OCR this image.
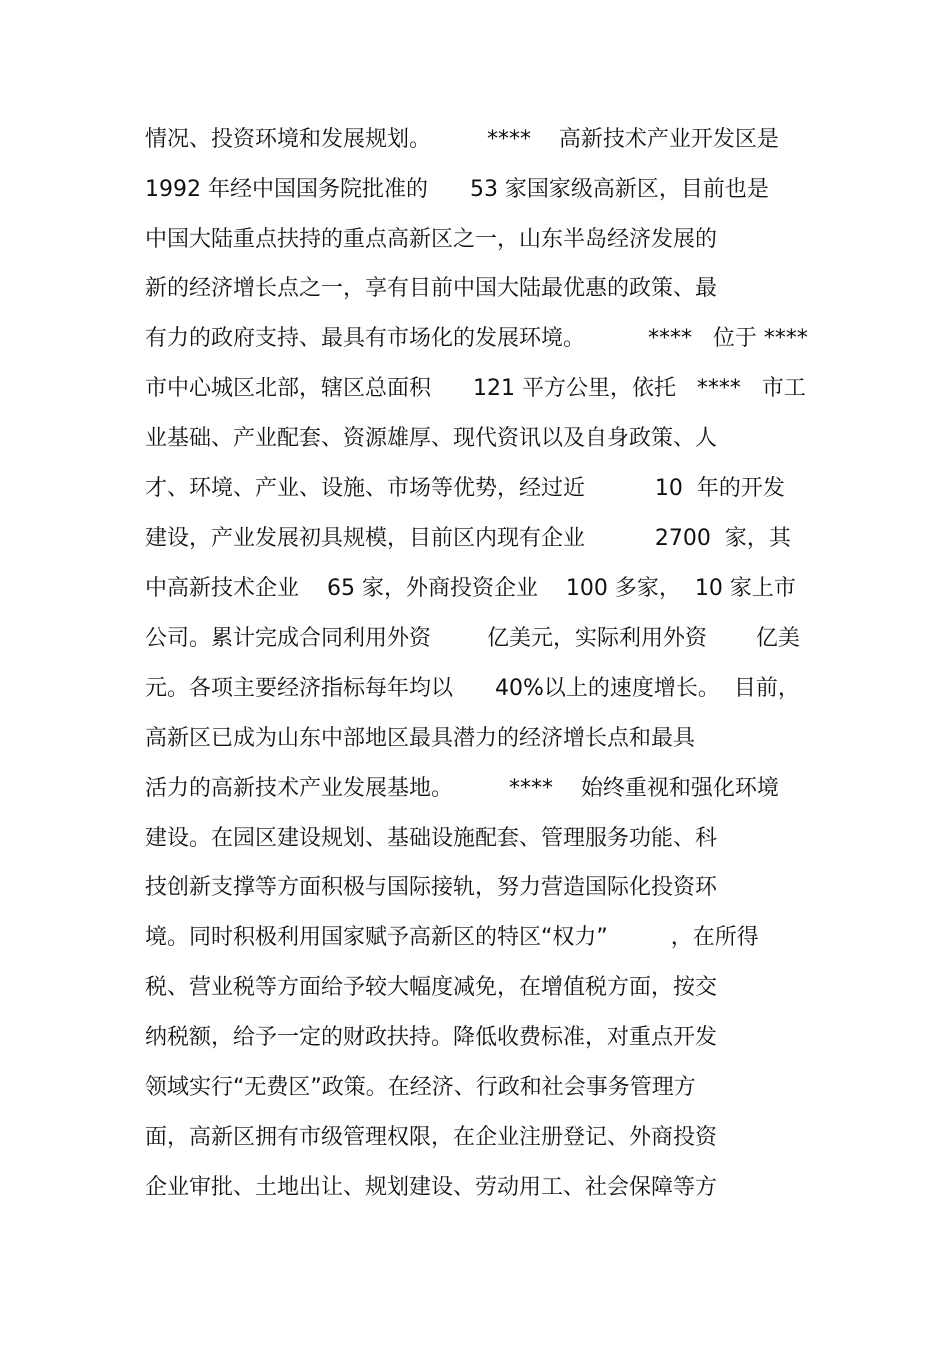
情况、投资环境和发展规划。        ****    高新技术产业开发区是
1992 年经中国国务院批准的      53 家国家级高新区，目前也是
中国大陆重点扶持的重点高新区之一，山东半岛经济发展的
新的经济增长点之一，享有目前中国大陆最优惠的政策、最
有力的政府支持、最具有市场化的发展环境。         ****   位于 ****
市中心城区北部，辖区总面积      121 平方公里，依托   ****   市工
业基础、产业配套、资源雄厚、现代资讯以及自身政策、人
才、环境、产业、设施、市场等优势，经过近          10  年的开发
建设，产业发展初具规模，目前区内现有企业          2700  家，其
中高新技术企业    65 家，外商投资企业    100 多家，  10 家上市
公司。累计完成合同利用外资        亿美元，实际利用外资       亿美
元。各项主要经济指标每年均以      40%以上的速度增长。  目前，
高新区已成为山东中部地区最具潜力的经济增长点和最具
活力的高新技术产业发展基地。        ****    始终重视和强化环境
建设。在园区建设规划、基础设施配套、管理服务功能、科
技创新支撑等方面积极与国际接轨，努力营造国际化投资环
境。同时积极利用国家赋予高新区的特区“权力”         ，在所得
税、营业税等方面给予较大幅度减免，在增值税方面，按交
纳税额，给予一定的财政扶持。降低收费标准，对重点开发
领域实行“无费区”政策。在经济、行政和社会事务管理方
面，高新区拥有市级管理权限，在企业注册登记、外商投资
企业审批、土地出让、规划建设、劳动用工、社会保障等方
